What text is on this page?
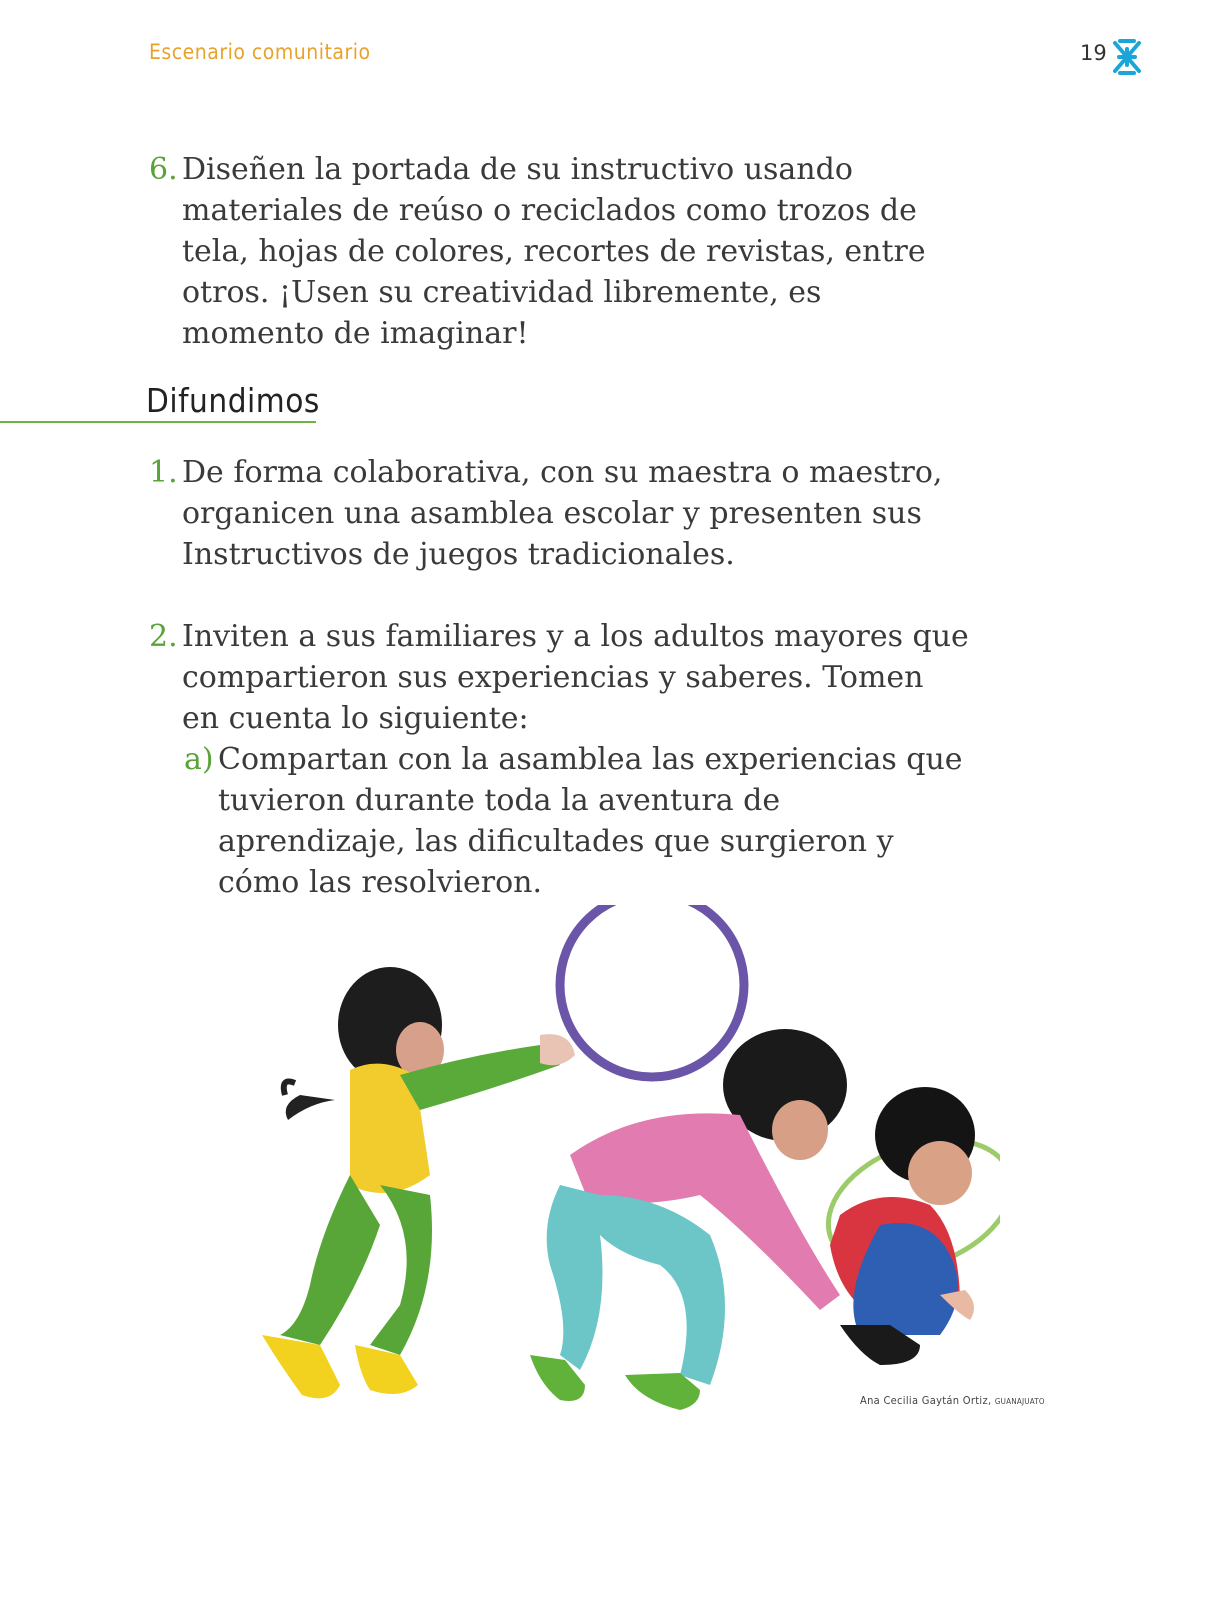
Escenario comunitario	19
6. Diseñen la portada de su instructivo usando materiales de reúso o reciclados como trozos de tela, hojas de colores, recortes de revistas, entre otros. ¡Usen su creatividad libremente, es momento de imaginar!
Difundimos
1. De forma colaborativa, con su maestra o maestro, organicen una asamblea escolar y presenten sus Instructivos de juegos tradicionales.
2. Inviten a sus familiares y a los adultos mayores que compartieron sus experiencias y saberes. Tomen en cuenta lo siguiente:
a) Compartan con la asamblea las experiencias que tuvieron durante toda la aventura de aprendizaje, las dificultades que surgieron y cómo las resolvieron.
Ana Cecilia Gaytán Ortiz, GUANAJUATO
